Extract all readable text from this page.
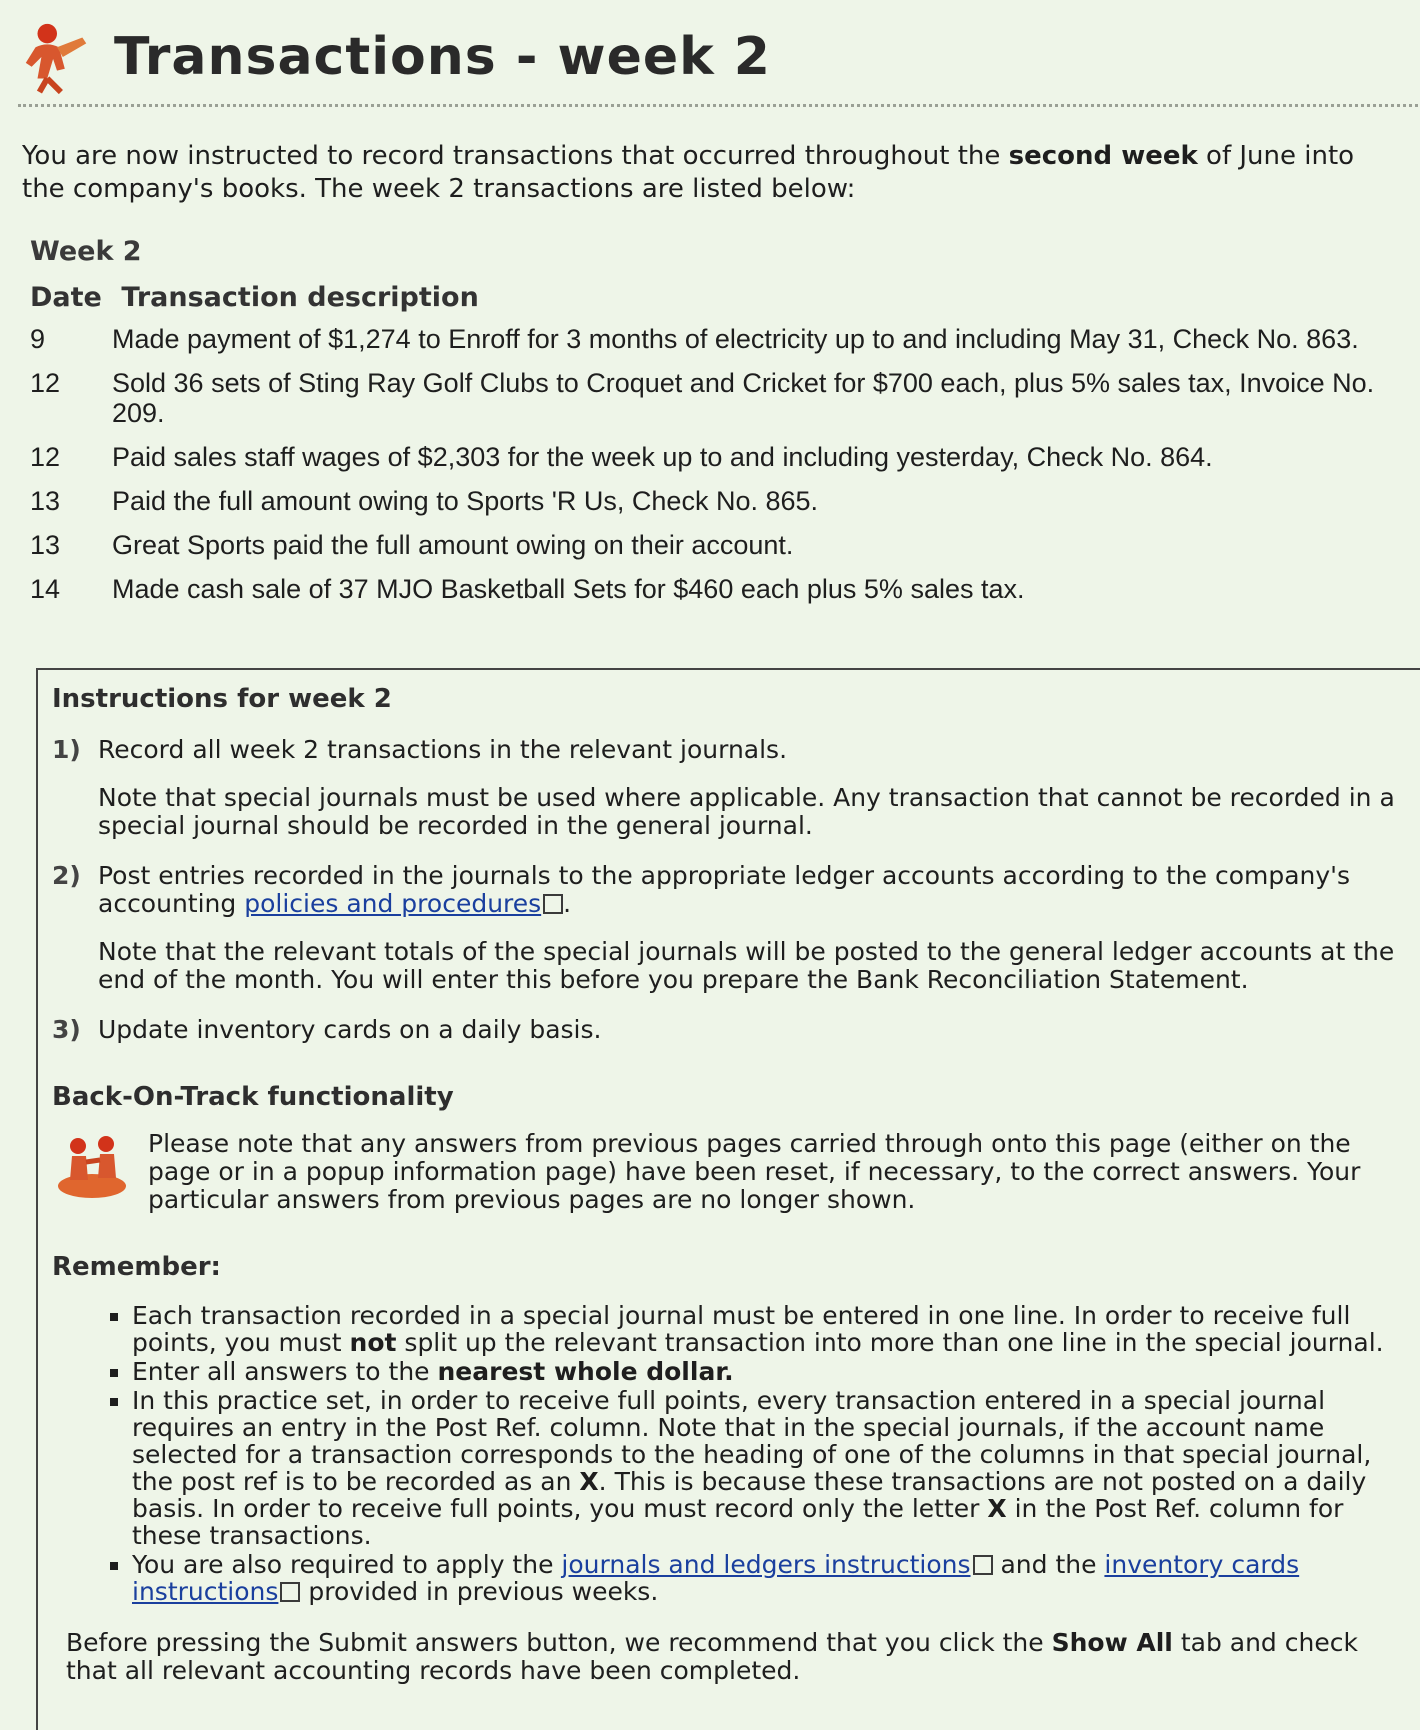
Transactions - week 2
You are now instructed to record transactions that occurred throughout the second week of June into the company's books. The week 2 transactions are listed below:
Week 2
Date Transaction description
9	Made payment of $1,274 to Enroff for 3 months of electricity up to and including May 31, Check No. 863.
12	Sold 36 sets of Sting Ray Golf Clubs to Croquet and Cricket for $700 each, plus 5% sales tax, Invoice No. 209.
12	Paid sales staff wages of $2,303 for the week up to and including yesterday, Check No. 864.
13	Paid the full amount owing to Sports 'R Us, Check No. 865.
13	Great Sports paid the full amount owing on their account.
14	Made cash sale of 37 MJO Basketball Sets for $460 each plus 5% sales tax.
Instructions for week 2
1) Record all week 2 transactions in the relevant journals.
Note that special journals must be used where applicable. Any transaction that cannot be recorded in a special journal should be recorded in the general journal.
2) Post entries recorded in the journals to the appropriate ledger accounts according to the company's accounting policies and procedures .
Note that the relevant totals of the special journals will be posted to the general ledger accounts at the end of the month. You will enter this before you prepare the Bank Reconciliation Statement.
3) Update inventory cards on a daily basis.
Back-On-Track functionality
Please note that any answers from previous pages carried through onto this page (either on the page or in a popup information page) have been reset, if necessary, to the correct answers. Your particular answers from previous pages are no longer shown.
Remember:
▪ Each transaction recorded in a special journal must be entered in one line. In order to receive full points, you must not split up the relevant transaction into more than one line in the special journal.
▪ Enter all answers to the nearest whole dollar.
▪ In this practice set, in order to receive full points, every transaction entered in a special journal requires an entry in the Post Ref. column. Note that in the special journals, if the account name selected for a transaction corresponds to the heading of one of the columns in that special journal, the post ref is to be recorded as an X. This is because these transactions are not posted on a daily basis. In order to receive full points, you must record only the letter X in the Post Ref. column for these transactions.
▪ You are also required to apply the journals and ledgers instructions and the inventory cards instructions provided in previous weeks.
Before pressing the Submit answers button, we recommend that you click the Show All tab and check that all relevant accounting records have been completed.
